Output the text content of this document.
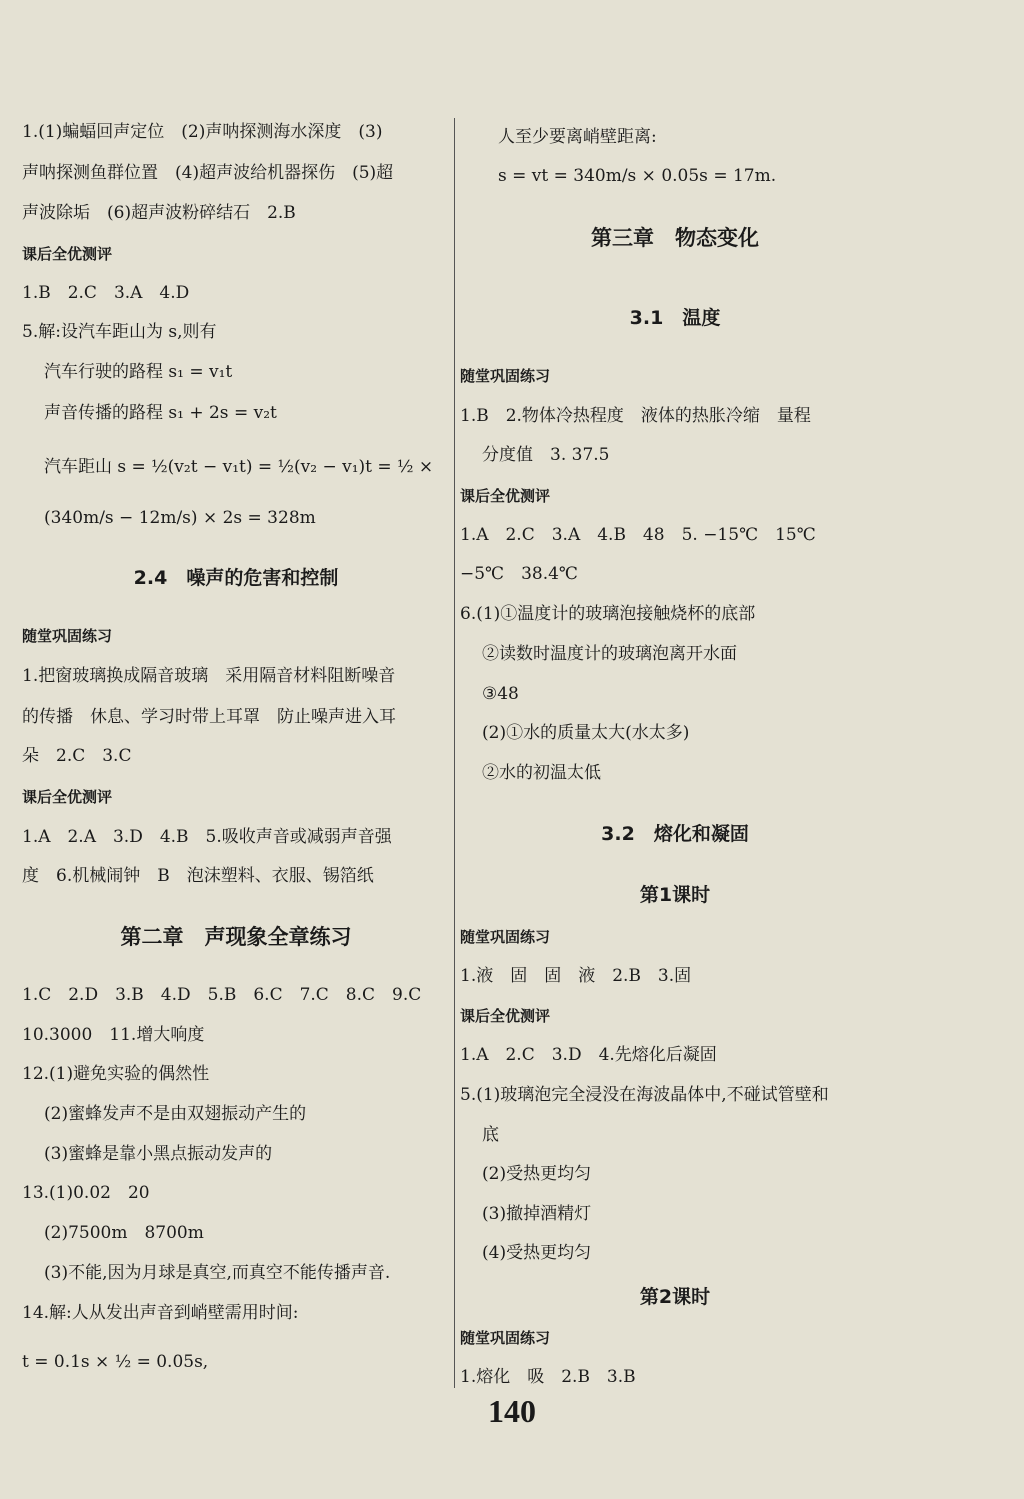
1.(1)蝙蝠回声定位　(2)声呐探测海水深度　(3)
声呐探测鱼群位置　(4)超声波给机器探伤　(5)超
声波除垢　(6)超声波粉碎结石　2.B
课后全优测评
1.B　2.C　3.A　4.D
5.解:设汽车距山为 s,则有
汽车行驶的路程 s₁ = v₁t
声音传播的路程 s₁ + 2s = v₂t
汽车距山 s = ½(v₂t − v₁t) = ½(v₂ − v₁)t = ½ ×
(340m/s − 12m/s) × 2s = 328m
2.4　噪声的危害和控制
随堂巩固练习
1.把窗玻璃换成隔音玻璃　采用隔音材料阻断噪音
的传播　休息、学习时带上耳罩　防止噪声进入耳
朵　2.C　3.C
课后全优测评
1.A　2.A　3.D　4.B　5.吸收声音或减弱声音强
度　6.机械闹钟　B　泡沫塑料、衣服、锡箔纸
第二章　声现象全章练习
1.C　2.D　3.B　4.D　5.B　6.C　7.C　8.C　9.C
10.3000　11.增大响度
12.(1)避免实验的偶然性
(2)蜜蜂发声不是由双翅振动产生的
(3)蜜蜂是靠小黑点振动发声的
13.(1)0.02　20
(2)7500m　8700m
(3)不能,因为月球是真空,而真空不能传播声音.
14.解:人从发出声音到峭壁需用时间:
t = 0.1s × ½ = 0.05s,
人至少要离峭壁距离:
s = vt = 340m/s × 0.05s = 17m.
第三章　物态变化
3.1　温度
随堂巩固练习
1.B　2.物体冷热程度　液体的热胀冷缩　量程
分度值　3. 37.5
课后全优测评
1.A　2.C　3.A　4.B　48　5. −15℃　15℃
−5℃　38.4℃
6.(1)①温度计的玻璃泡接触烧杯的底部
②读数时温度计的玻璃泡离开水面
③48
(2)①水的质量太大(水太多)
②水的初温太低
3.2　熔化和凝固
第1课时
随堂巩固练习
1.液　固　固　液　2.B　3.固
课后全优测评
1.A　2.C　3.D　4.先熔化后凝固
5.(1)玻璃泡完全浸没在海波晶体中,不碰试管壁和
底
(2)受热更均匀
(3)撤掉酒精灯
(4)受热更均匀
第2课时
随堂巩固练习
1.熔化　吸　2.B　3.B
140
